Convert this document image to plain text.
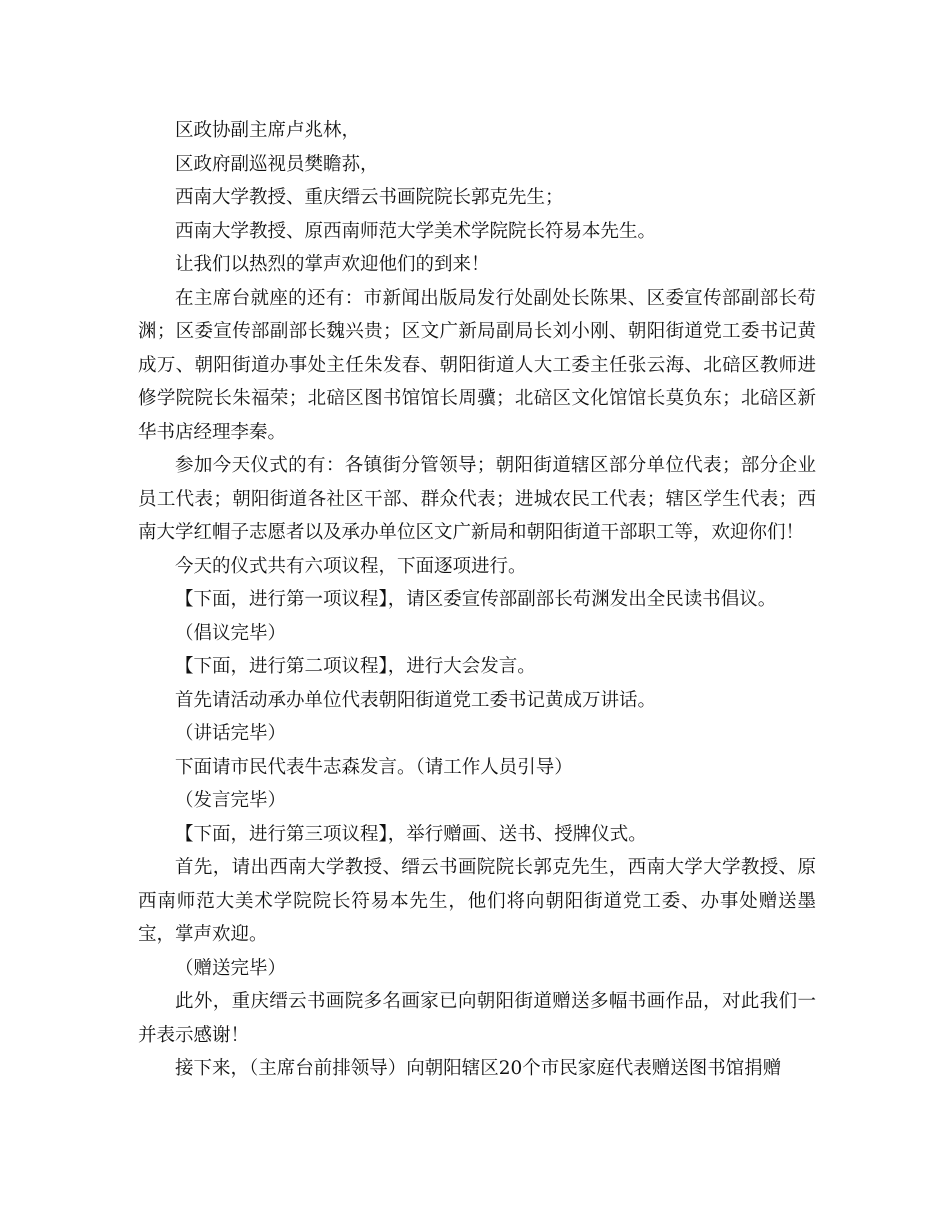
区政协副主席卢兆林，

区政府副巡视员樊瞻荪，

西南大学教授、重庆缙云书画院院长郭克先生；

西南大学教授、原西南师范大学美术学院院长符易本先生。

让我们以热烈的掌声欢迎他们的到来！

在主席台就座的还有：市新闻出版局发行处副处长陈果、区委宣传部副部长苟渊；区委宣传部副部长魏兴贵；区文广新局副局长刘小刚、朝阳街道党工委书记黄成万、朝阳街道办事处主任朱发春、朝阳街道人大工委主任张云海、北碚区教师进修学院院长朱福荣；北碚区图书馆馆长周骥；北碚区文化馆馆长莫负东；北碚区新华书店经理李秦。

参加今天仪式的有：各镇街分管领导；朝阳街道辖区部分单位代表；部分企业员工代表；朝阳街道各社区干部、群众代表；进城农民工代表；辖区学生代表；西南大学红帽子志愿者以及承办单位区文广新局和朝阳街道干部职工等，欢迎你们！

今天的仪式共有六项议程，下面逐项进行。

【下面，进行第一项议程】，请区委宣传部副部长苟渊发出全民读书倡议。

（倡议完毕）

【下面，进行第二项议程】，进行大会发言。

首先请活动承办单位代表朝阳街道党工委书记黄成万讲话。

（讲话完毕）

下面请市民代表牛志森发言。（请工作人员引导）

（发言完毕）

【下面，进行第三项议程】，举行赠画、送书、授牌仪式。

首先，请出西南大学教授、缙云书画院院长郭克先生，西南大学大学教授、原西南师范大美术学院院长符易本先生，他们将向朝阳街道党工委、办事处赠送墨宝，掌声欢迎。

（赠送完毕）

此外，重庆缙云书画院多名画家已向朝阳街道赠送多幅书画作品，对此我们一并表示感谢！

接下来，（主席台前排领导）向朝阳辖区20个市民家庭代表赠送图书馆捐赠
